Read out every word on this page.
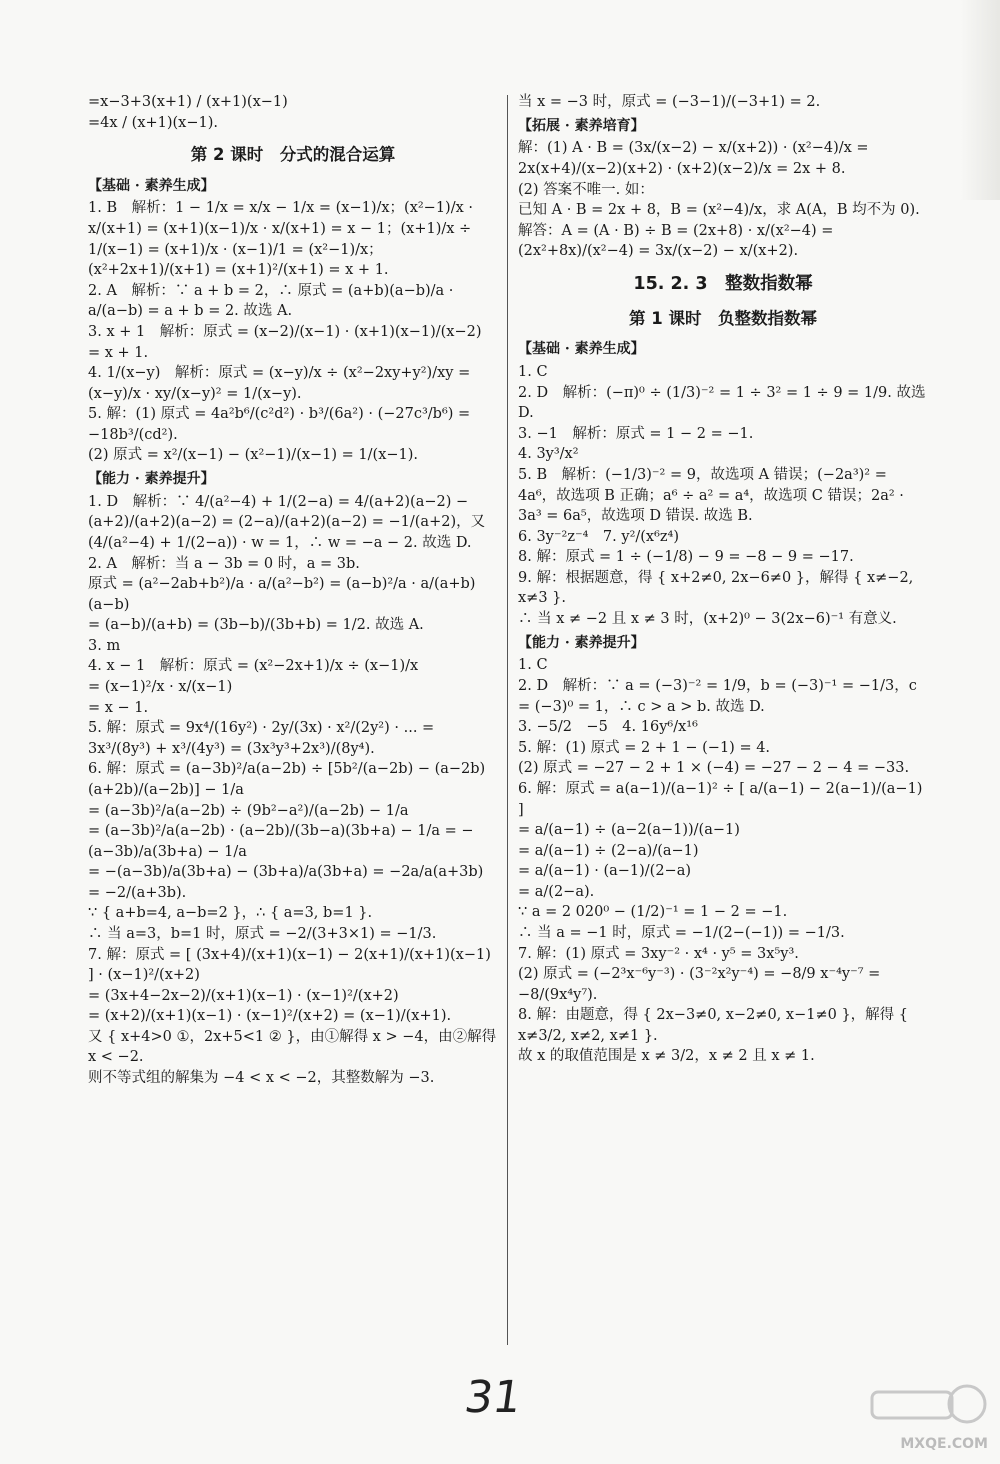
=x−3+3(x+1) / (x+1)(x−1)
=4x / (x+1)(x−1).
第 2 课时　分式的混合运算
【基础 · 素养生成】
1. B　解析：1 − 1/x = x/x − 1/x = (x−1)/x；(x²−1)/x · x/(x+1) = (x+1)(x−1)/x · x/(x+1) = x − 1；(x+1)/x ÷ 1/(x−1) = (x+1)/x · (x−1)/1 = (x²−1)/x；(x²+2x+1)/(x+1) = (x+1)²/(x+1) = x + 1.
2. A　解析：∵ a + b = 2，∴ 原式 = (a+b)(a−b)/a · a/(a−b) = a + b = 2. 故选 A.
3. x + 1　解析：原式 = (x−2)/(x−1) · (x+1)(x−1)/(x−2) = x + 1.
4. 1/(x−y)　解析：原式 = (x−y)/x ÷ (x²−2xy+y²)/xy = (x−y)/x · xy/(x−y)² = 1/(x−y).
5. 解：(1) 原式 = 4a²b⁶/(c²d²) · b³/(6a²) · (−27c³/b⁶) = −18b³/(cd²).
(2) 原式 = x²/(x−1) − (x²−1)/(x−1) = 1/(x−1).
【能力 · 素养提升】
1. D　解析：∵ 4/(a²−4) + 1/(2−a) = 4/(a+2)(a−2) − (a+2)/(a+2)(a−2) = (2−a)/(a+2)(a−2) = −1/(a+2)，又 (4/(a²−4) + 1/(2−a)) · w = 1，∴ w = −a − 2. 故选 D.
2. A　解析：当 a − 3b = 0 时，a = 3b.
原式 = (a²−2ab+b²)/a · a/(a²−b²) = (a−b)²/a · a/(a+b)(a−b)
= (a−b)/(a+b) = (3b−b)/(3b+b) = 1/2. 故选 A.
3. m
4. x − 1　解析：原式 = (x²−2x+1)/x ÷ (x−1)/x
= (x−1)²/x · x/(x−1)
= x − 1.
5. 解：原式 = 9x⁴/(16y²) · 2y/(3x) · x²/(2y²) · ... = 3x³/(8y³) + x³/(4y³) = (3x³y³+2x³)/(8y⁴).
6. 解：原式 = (a−3b)²/a(a−2b) ÷ [5b²/(a−2b) − (a−2b)(a+2b)/(a−2b)] − 1/a
= (a−3b)²/a(a−2b) ÷ (9b²−a²)/(a−2b) − 1/a
= (a−3b)²/a(a−2b) · (a−2b)/(3b−a)(3b+a) − 1/a = −(a−3b)/a(3b+a) − 1/a
= −(a−3b)/a(3b+a) − (3b+a)/a(3b+a) = −2a/a(a+3b) = −2/(a+3b).
∵ { a+b=4, a−b=2 }，∴ { a=3, b=1 }.
∴ 当 a=3，b=1 时，原式 = −2/(3+3×1) = −1/3.
7. 解：原式 = [ (3x+4)/(x+1)(x−1) − 2(x+1)/(x+1)(x−1) ] · (x−1)²/(x+2)
= (3x+4−2x−2)/(x+1)(x−1) · (x−1)²/(x+2)
= (x+2)/(x+1)(x−1) · (x−1)²/(x+2) = (x−1)/(x+1).
又 { x+4>0 ①，2x+5<1 ② }，由①解得 x > −4，由②解得 x < −2.
则不等式组的解集为 −4 < x < −2，其整数解为 −3.
当 x = −3 时，原式 = (−3−1)/(−3+1) = 2.
【拓展 · 素养培育】
解：(1) A · B = (3x/(x−2) − x/(x+2)) · (x²−4)/x = 2x(x+4)/(x−2)(x+2) · (x+2)(x−2)/x = 2x + 8.
(2) 答案不唯一. 如：
已知 A · B = 2x + 8，B = (x²−4)/x，求 A(A，B 均不为 0).
解答：A = (A · B) ÷ B = (2x+8) · x/(x²−4) = (2x²+8x)/(x²−4) = 3x/(x−2) − x/(x+2).
15. 2. 3　整数指数幂
第 1 课时　负整数指数幂
【基础 · 素养生成】
1. C
2. D　解析：(−π)⁰ ÷ (1/3)⁻² = 1 ÷ 3² = 1 ÷ 9 = 1/9. 故选 D.
3. −1　解析：原式 = 1 − 2 = −1.
4. 3y³/x²
5. B　解析：(−1/3)⁻² = 9，故选项 A 错误；(−2a³)² = 4a⁶，故选项 B 正确；a⁶ ÷ a² = a⁴，故选项 C 错误；2a² · 3a³ = 6a⁵，故选项 D 错误. 故选 B.
6. 3y⁻²z⁻⁴　7. y²/(x⁶z⁴)
8. 解：原式 = 1 ÷ (−1/8) − 9 = −8 − 9 = −17.
9. 解：根据题意，得 { x+2≠0, 2x−6≠0 }，解得 { x≠−2, x≠3 }.
∴ 当 x ≠ −2 且 x ≠ 3 时，(x+2)⁰ − 3(2x−6)⁻¹ 有意义.
【能力 · 素养提升】
1. C
2. D　解析：∵ a = (−3)⁻² = 1/9，b = (−3)⁻¹ = −1/3，c = (−3)⁰ = 1，∴ c > a > b. 故选 D.
3. −5/2　−5　4. 16y⁶/x¹⁶
5. 解：(1) 原式 = 2 + 1 − (−1) = 4.
(2) 原式 = −27 − 2 + 1 × (−4) = −27 − 2 − 4 = −33.
6. 解：原式 = a(a−1)/(a−1)² ÷ [ a/(a−1) − 2(a−1)/(a−1) ]
= a/(a−1) ÷ (a−2(a−1))/(a−1)
= a/(a−1) ÷ (2−a)/(a−1)
= a/(a−1) · (a−1)/(2−a)
= a/(2−a).
∵ a = 2 020⁰ − (1/2)⁻¹ = 1 − 2 = −1.
∴ 当 a = −1 时，原式 = −1/(2−(−1)) = −1/3.
7. 解：(1) 原式 = 3xy⁻² · x⁴ · y⁵ = 3x⁵y³.
(2) 原式 = (−2³x⁻⁶y⁻³) · (3⁻²x²y⁻⁴) = −8/9 x⁻⁴y⁻⁷ = −8/(9x⁴y⁷).
8. 解：由题意，得 { 2x−3≠0, x−2≠0, x−1≠0 }，解得 { x≠3/2, x≠2, x≠1 }.
故 x 的取值范围是 x ≠ 3/2，x ≠ 2 且 x ≠ 1.
31
MXQE.COM
